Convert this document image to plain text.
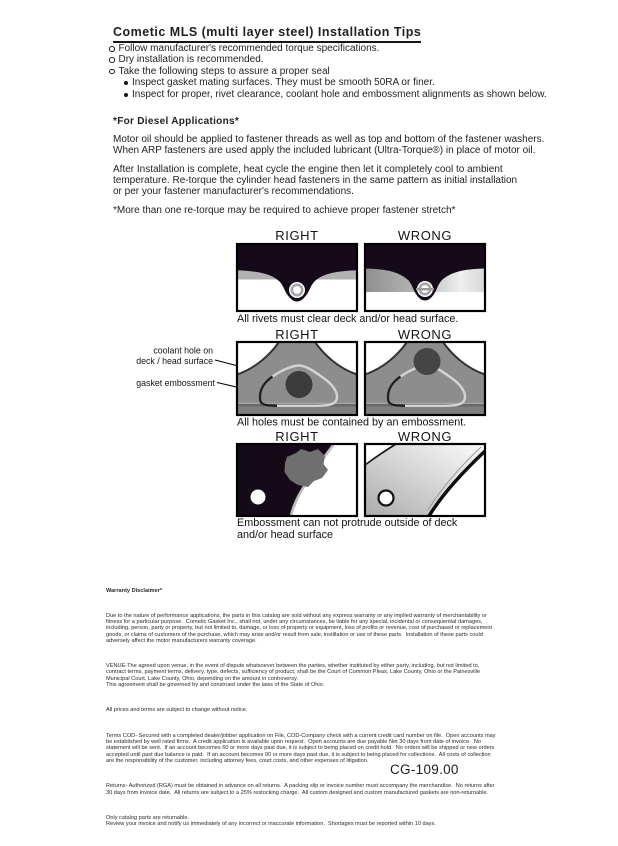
Cometic MLS (multi layer steel) Installation Tips
Follow manufacturer's recommended torque specifications.
Dry installation is recommended.
Take the following steps to assure a proper seal
Inspect gasket mating surfaces. They must be smooth 50RA or finer.
Inspect for proper, rivet clearance, coolant hole and embossment alignments as shown below.
*For Diesel Applications*
Motor oil should be applied to fastener threads as well as top and bottom of the fastener washers.
When ARP fasteners are used apply the included lubricant (Ultra-Torque®) in place of motor oil.
After Installation is complete, heat cycle the engine then let it completely cool to ambient
temperature. Re-torque the cylinder head fasteners in the same pattern as initial installation
or per your fastener manufacturer's recommendations.
*More than one re-torque may be required to achieve proper fastener stretch*
RIGHT	WRONG
All rivets must clear deck and/or head surface.
RIGHT	WRONG
coolant hole on
deck / head surface
gasket embossment
All holes must be contained by an embossment.
RIGHT	WRONG
Embossment can not protrude outside of deck
and/or head surface

Warranty Disclaimer*

Due to the nature of performance applications, the parts in this catalog are sold without any express warranty or any implied warranty of merchantability or
fitness for a particular purpose.  Cometic Gasket Inc., shall not, under any circumstances, be liable for any special, incidental or consequential damages,
including, person, party or property, but not limited to, damage, or loss of property or equipment, loss of profits or revenue, cost of purchased or replacement
goods, or claims of customers of the purchase, which may arise and/or result from sale, instillation or use of these parts.  Installation of these parts could
adversely affect the motor manufacturers warranty coverage.

VENUE-The agreed upon venue, in the event of dispute whatsoever between the parties, whether instituted by either party, including, but not limited to,
contract terms, payment terms, delivery, type, defects, sufficiency of product, shall be the Court of Common Pleas, Lake County, Ohio or the Painesville
Municipal Court, Lake County, Ohio, depending on the amount in controversy.
This agreement shall be governed by and construed under the laws of the State of Ohio.

All prices and terms are subject to change without notice.

Terms COD- Secured with a completed dealer/jobber application on File, COD-Company check with a current credit card number on file.  Open accounts may
be established by well rated firms.  A credit application is available upon request.  Open accounts are due payable Net 30 days from date of invoice.  No
statement will be sent.  If an account becomes 60 or more days past due, it is subject to being placed on credit hold.  No orders will be shipped or new orders
accepted until past due balance is paid.  If an account becomes 90 or more days past due, it is subject to being placed for collections.  All costs of collection
are the responsibility of the customer, including attorney fees, court costs, and other expenses of litigation.

Returns- Authorized (RGA) must be obtained in advance on all returns.  A packing slip or invoice number must accompany the merchandise.  No returns after
30 days from invoice date.  All returns are subject to a 25% restocking charge.  All custom designed and custom manufactured gaskets are non-returnable.

Only catalog parts are returnable.
Review your invoice and notify us immediately of any incorrect or inaccurate information.  Shortages must be reported within 10 days.

CG-109.00
